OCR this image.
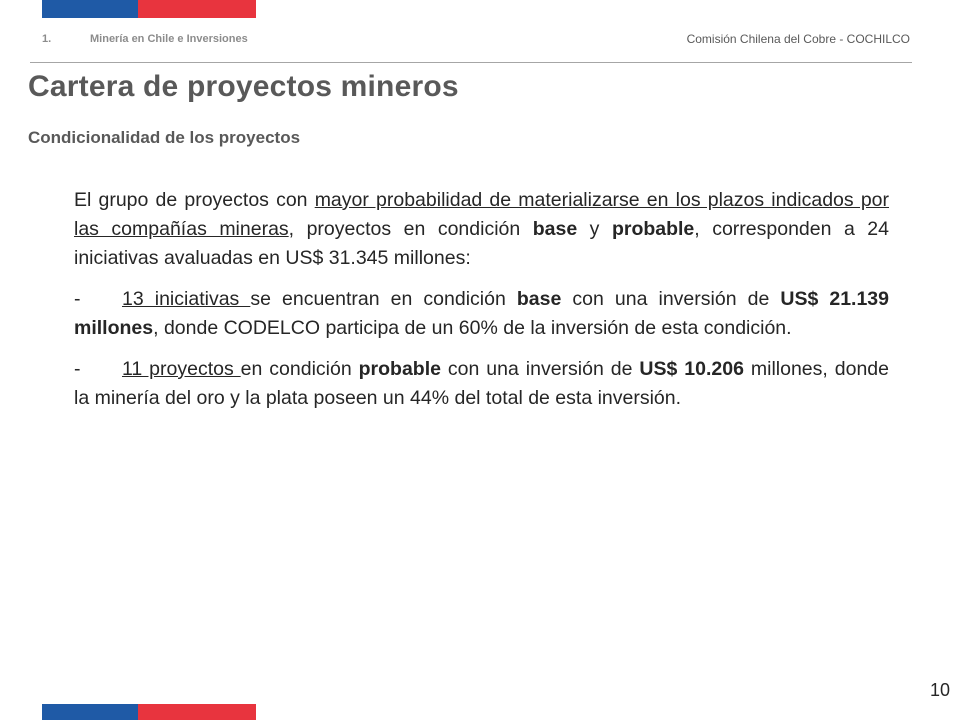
1.	Minería en Chile e Inversiones	Comisión Chilena del Cobre - COCHILCO
Cartera de proyectos mineros
Condicionalidad de los proyectos

El grupo de proyectos con mayor probabilidad de materializarse en los plazos indicados por las compañías mineras, proyectos en condición base y probable, corresponden a 24 iniciativas avaluadas en US$ 31.345 millones:

- 13 iniciativas se encuentran en condición base con una inversión de US$ 21.139 millones, donde CODELCO participa de un 60% de la inversión de esta condición.

- 11 proyectos en condición probable con una inversión de US$ 10.206 millones, donde la minería del oro y la plata poseen un 44% del total de esta inversión.

10
